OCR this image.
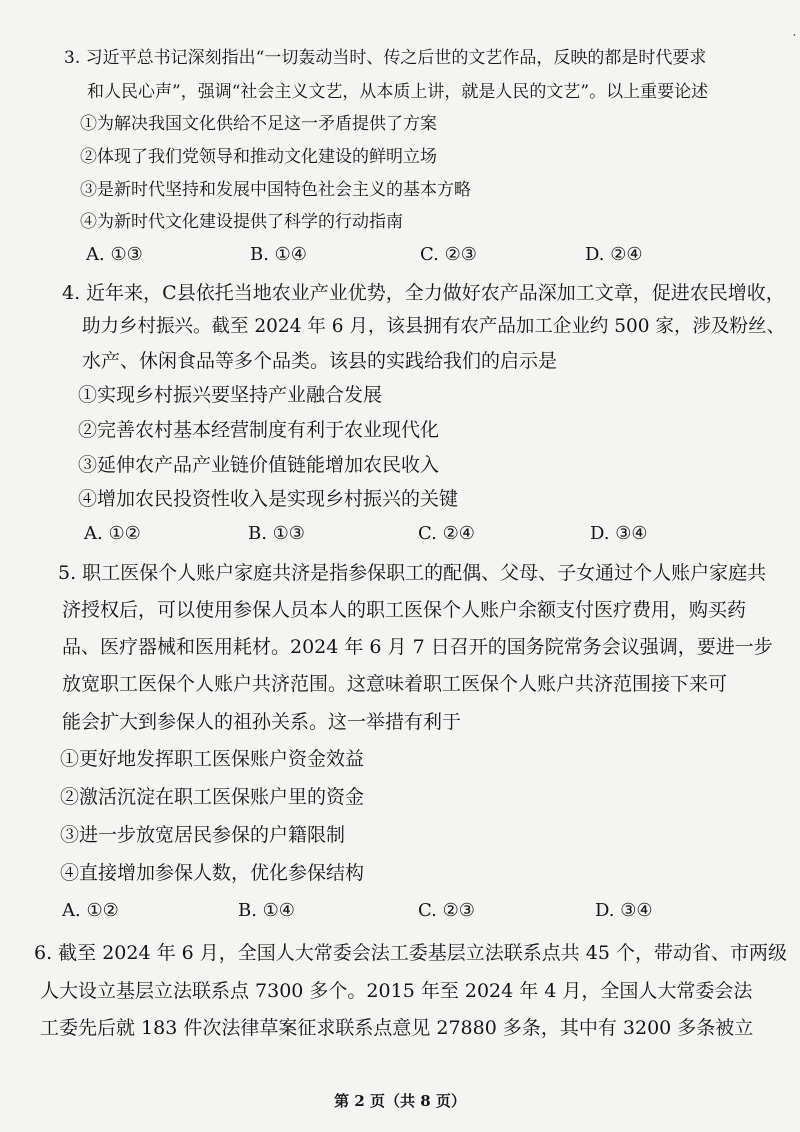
ᐧ
3. 习近平总书记深刻指出“一切轰动当时、传之后世的文艺作品，反映的都是时代要求
和人民心声”，强调“社会主义文艺，从本质上讲，就是人民的文艺”。以上重要论述
①为解决我国文化供给不足这一矛盾提供了方案
②体现了我们党领导和推动文化建设的鲜明立场
③是新时代坚持和发展中国特色社会主义的基本方略
④为新时代文化建设提供了科学的行动指南
A. ①③	B. ①④	C. ②③	D. ②④
4. 近年来，C县依托当地农业产业优势，全力做好农产品深加工文章，促进农民增收，
助力乡村振兴。截至 2024 年 6 月，该县拥有农产品加工企业约 500 家，涉及粉丝、
水产、休闲食品等多个品类。该县的实践给我们的启示是
①实现乡村振兴要坚持产业融合发展
②完善农村基本经营制度有利于农业现代化
③延伸农产品产业链价值链能增加农民收入
④增加农民投资性收入是实现乡村振兴的关键
A. ①②	B. ①③	C. ②④	D. ③④
5. 职工医保个人账户家庭共济是指参保职工的配偶、父母、子女通过个人账户家庭共
济授权后，可以使用参保人员本人的职工医保个人账户余额支付医疗费用，购买药
品、医疗器械和医用耗材。2024 年 6 月 7 日召开的国务院常务会议强调，要进一步
放宽职工医保个人账户共济范围。这意味着职工医保个人账户共济范围接下来可
能会扩大到参保人的祖孙关系。这一举措有利于
①更好地发挥职工医保账户资金效益
②激活沉淀在职工医保账户里的资金
③进一步放宽居民参保的户籍限制
④直接增加参保人数，优化参保结构
A. ①②	B. ①④	C. ②③	D. ③④
6. 截至 2024 年 6 月，全国人大常委会法工委基层立法联系点共 45 个，带动省、市两级
人大设立基层立法联系点 7300 多个。2015 年至 2024 年 4 月，全国人大常委会法
工委先后就 183 件次法律草案征求联系点意见 27880 多条，其中有 3200 多条被立
第 2 页（共 8 页）
